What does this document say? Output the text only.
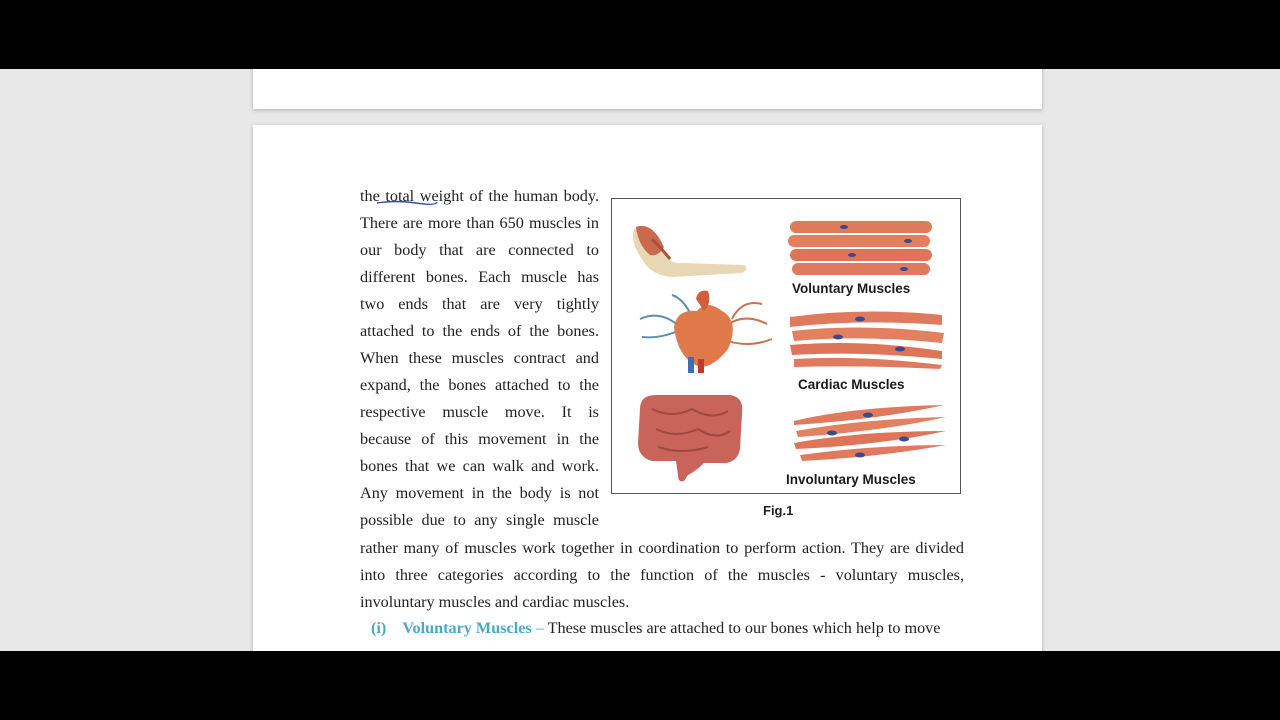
the total weight of the human body.
There are more than 650 muscles in
our body that are connected to
different bones. Each muscle has
two ends that are very tightly
attached to the ends of the bones.
When these muscles contract and
expand, the bones attached to the
respective muscle move. It is
because of this movement in the
bones that we can walk and work.
Any movement in the body is not
possible due to any single muscle
Voluntary Muscles
Cardiac Muscles
Involuntary Muscles
Fig.1
rather many of muscles work together in coordination to perform action. They are divided
into three categories according to the function of the muscles - voluntary muscles,
involuntary muscles and cardiac muscles.
(i) Voluntary Muscles – These muscles are attached to our bones which help to move
